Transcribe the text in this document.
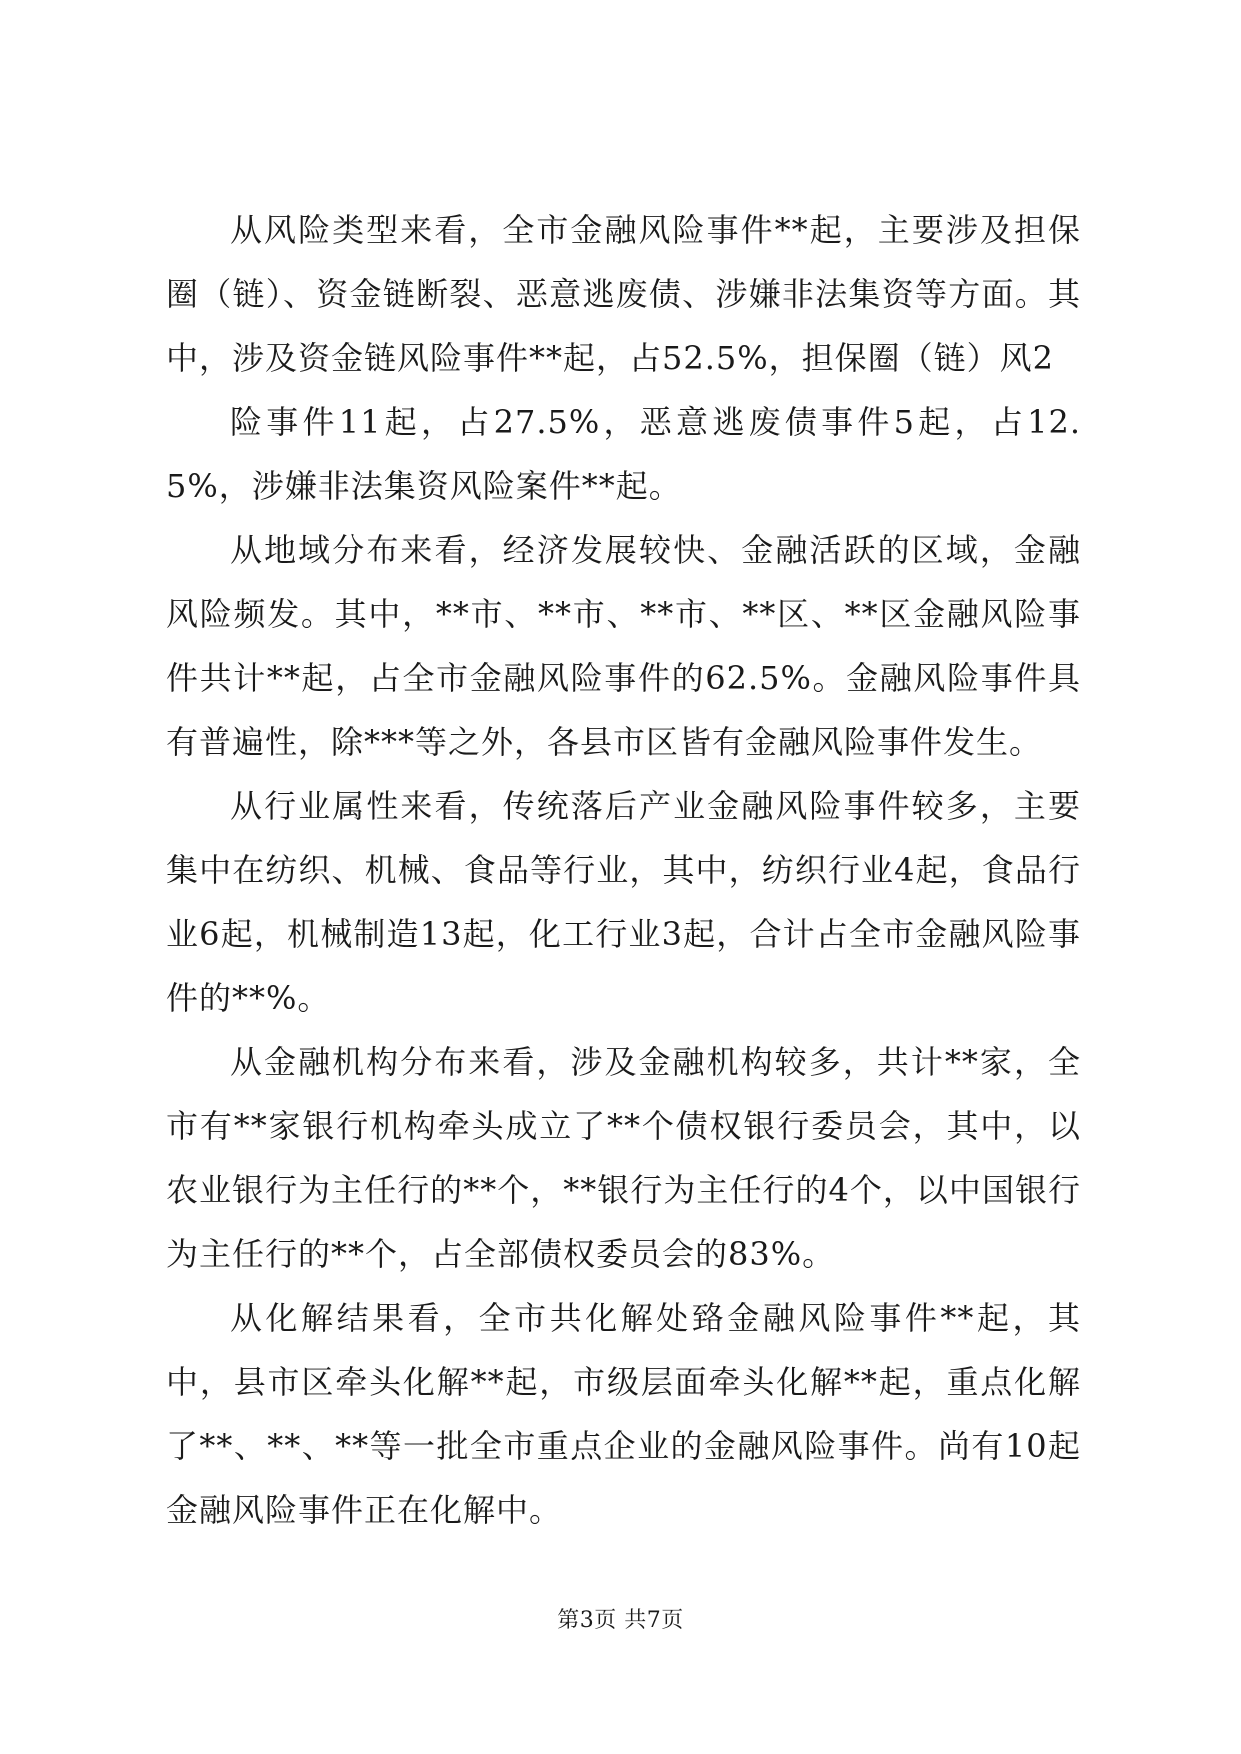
从风险类型来看，全市金融风险事件**起，主要涉及担保圈（链）、资金链断裂、恶意逃废债、涉嫌非法集资等方面。其中，涉及资金链风险事件**起，占52.5%，担保圈（链）风2

险事件11起，占27.5%，恶意逃废债事件5起，占12.5%，涉嫌非法集资风险案件**起。

从地域分布来看，经济发展较快、金融活跃的区域，金融风险频发。其中，**市、**市、**市、**区、**区金融风险事件共计**起，占全市金融风险事件的62.5%。金融风险事件具有普遍性，除***等之外，各县市区皆有金融风险事件发生。

从行业属性来看，传统落后产业金融风险事件较多，主要集中在纺织、机械、食品等行业，其中，纺织行业4起，食品行业6起，机械制造13起，化工行业3起，合计占全市金融风险事件的**%。

从金融机构分布来看，涉及金融机构较多，共计**家，全市有**家银行机构牵头成立了**个债权银行委员会，其中，以农业银行为主任行的**个，**银行为主任行的4个，以中国银行为主任行的**个，占全部债权委员会的83%。

从化解结果看，全市共化解处臵金融风险事件**起，其中，县市区牵头化解**起，市级层面牵头化解**起，重点化解了**、**、**等一批全市重点企业的金融风险事件。尚有10起金融风险事件正在化解中。

第3页 共7页
